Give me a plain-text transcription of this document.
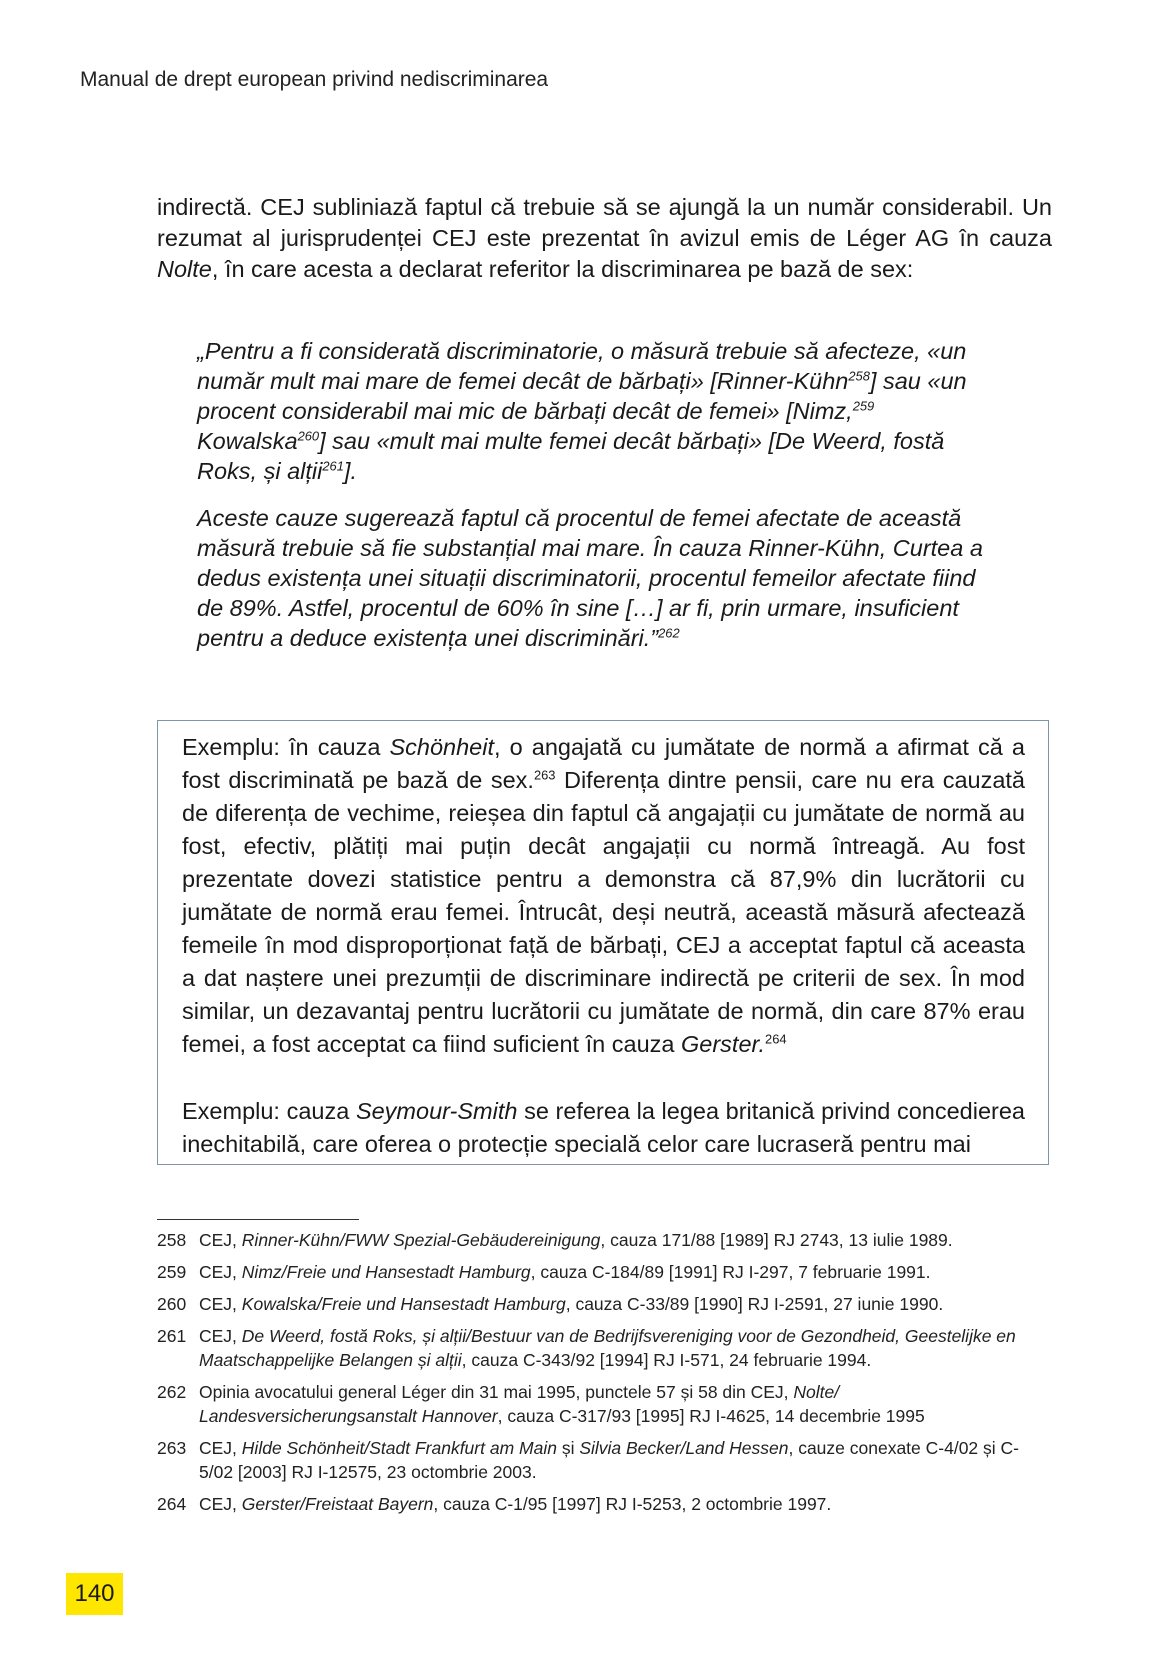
Manual de drept european privind nediscriminarea

indirectă. CEJ subliniază faptul că trebuie să se ajungă la un număr considerabil. Un rezumat al jurisprudenței CEJ este prezentat în avizul emis de Léger AG în cauza Nolte, în care acesta a declarat referitor la discriminarea pe bază de sex:

„Pentru a fi considerată discriminatorie, o măsură trebuie să afecteze, «un număr mult mai mare de femei decât de bărbați» [Rinner-Kühn$^{258}$] sau «un procent considerabil mai mic de bărbați decât de femei» [Nimz,$^{259}$ Kowalska$^{260}$] sau «mult mai multe femei decât bărbați» [De Weerd, fostă Roks, și alții$^{261}$].

Aceste cauze sugerează faptul că procentul de femei afectate de această măsură trebuie să fie substanțial mai mare. În cauza Rinner-Kühn, Curtea a dedus existența unei situații discriminatorii, procentul femeilor afectate fiind de 89%. Astfel, procentul de 60% în sine […] ar fi, prin urmare, insuficient pentru a deduce existența unei discriminări.”$^{262}$

Exemplu: în cauza Schönheit, o angajată cu jumătate de normă a afirmat că a fost discriminată pe bază de sex.$^{263}$ Diferența dintre pensii, care nu era cauzată de diferența de vechime, reieșea din faptul că angajații cu jumătate de normă au fost, efectiv, plătiți mai puțin decât angajații cu normă întreagă. Au fost prezentate dovezi statistice pentru a demonstra că 87,9% din lucrătorii cu jumătate de normă erau femei. Întrucât, deși neutră, această măsură afectează femeile în mod disproporționat față de bărbați, CEJ a acceptat faptul că aceasta a dat naștere unei prezumții de discriminare indirectă pe criterii de sex. În mod similar, un dezavantaj pentru lucrătorii cu jumătate de normă, din care 87% erau femei, a fost acceptat ca fiind suficient în cauza Gerster.$^{264}$

Exemplu: cauza Seymour-Smith se referea la legea britanică privind concedierea inechitabilă, care oferea o protecție specială celor care lucraseră pentru mai

258 CEJ, Rinner-Kühn/FWW Spezial-Gebäudereinigung, cauza 171/88 [1989] RJ 2743, 13 iulie 1989.
259 CEJ, Nimz/Freie und Hansestadt Hamburg, cauza C-184/89 [1991] RJ I-297, 7 februarie 1991.
260 CEJ, Kowalska/Freie und Hansestadt Hamburg, cauza C-33/89 [1990] RJ I-2591, 27 iunie 1990.
261 CEJ, De Weerd, fostă Roks, și alții/Bestuur van de Bedrijfsvereniging voor de Gezondheid, Geestelijke en Maatschappelijke Belangen și alții, cauza C-343/92 [1994] RJ I-571, 24 februarie 1994.
262 Opinia avocatului general Léger din 31 mai 1995, punctele 57 și 58 din CEJ, Nolte/ Landesversicherungsanstalt Hannover, cauza C-317/93 [1995] RJ I-4625, 14 decembrie 1995
263 CEJ, Hilde Schönheit/Stadt Frankfurt am Main și Silvia Becker/Land Hessen, cauze conexate C-4/02 și C-5/02 [2003] RJ I-12575, 23 octombrie 2003.
264 CEJ, Gerster/Freistaat Bayern, cauza C-1/95 [1997] RJ I-5253, 2 octombrie 1997.
140
